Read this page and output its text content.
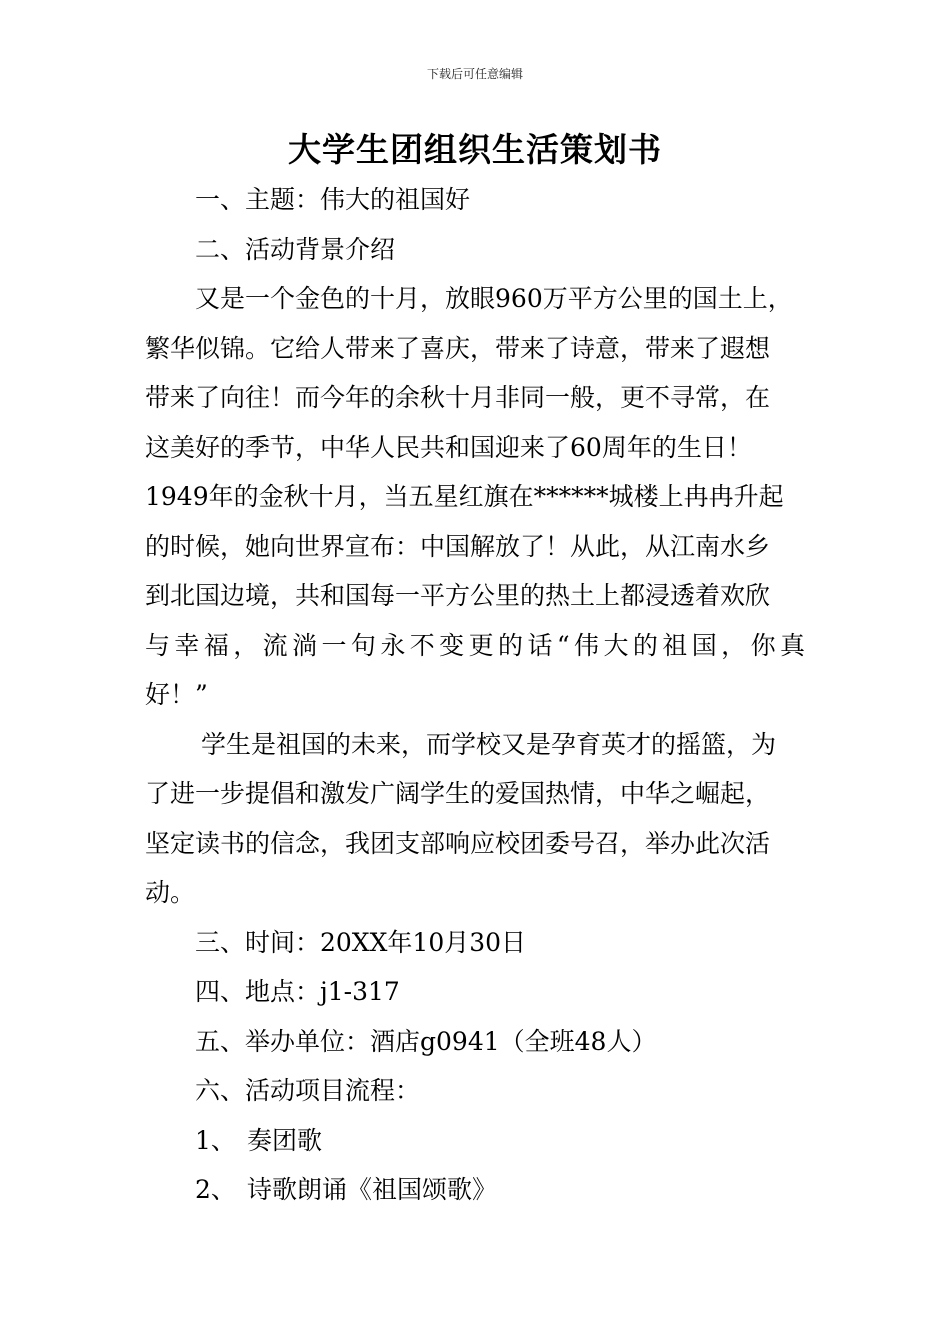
下载后可任意编辑
大学生团组织生活策划书
一、主题：伟大的祖国好
二、活动背景介绍
又是一个金色的十月，放眼960万平方公里的国土上，
繁华似锦。它给人带来了喜庆，带来了诗意，带来了遐想
带来了向往！而今年的余秋十月非同一般，更不寻常，在
这美好的季节，中华人民共和国迎来了60周年的生日！
1949年的金秋十月，当五星红旗在******城楼上冉冉升起
的时候，她向世界宣布：中国解放了！从此，从江南水乡
到北国边境，共和国每一平方公里的热土上都浸透着欢欣
与幸福，流淌一句永不变更的话“伟大的祖国，你真
好！”
学生是祖国的未来，而学校又是孕育英才的摇篮，为
了进一步提倡和激发广阔学生的爱国热情，中华之崛起，
坚定读书的信念，我团支部响应校团委号召，举办此次活
动。
三、时间：20XX年10月30日
四、地点：j1-317
五、举办单位：酒店g0941（全班48人）
六、活动项目流程：
1、 奏团歌
2、 诗歌朗诵《祖国颂歌》
